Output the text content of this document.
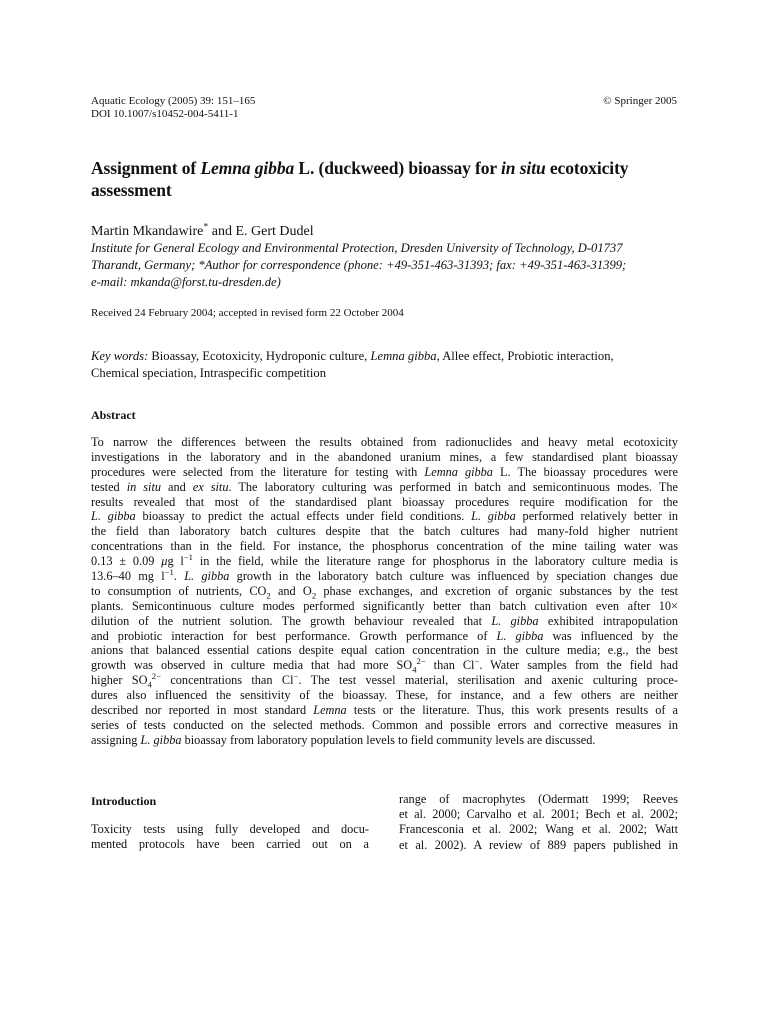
Aquatic Ecology (2005) 39: 151–165
DOI 10.1007/s10452-004-5411-1
© Springer 2005
Assignment of Lemna gibba L. (duckweed) bioassay for in situ ecotoxicity
assessment
Martin Mkandawire* and E. Gert Dudel
Institute for General Ecology and Environmental Protection, Dresden University of Technology, D-01737
Tharandt, Germany; *Author for correspondence (phone: +49-351-463-31393; fax: +49-351-463-31399;
e-mail: mkanda@forst.tu-dresden.de)
Received 24 February 2004; accepted in revised form 22 October 2004
Key words: Bioassay, Ecotoxicity, Hydroponic culture, Lemna gibba, Allee effect, Probiotic interaction,
Chemical speciation, Intraspecific competition
Abstract
To narrow the differences between the results obtained from radionuclides and heavy metal ecotoxicity
investigations in the laboratory and in the abandoned uranium mines, a few standardised plant bioassay
procedures were selected from the literature for testing with Lemna gibba L. The bioassay procedures were
tested in situ and ex situ. The laboratory culturing was performed in batch and semicontinuous modes. The
results revealed that most of the standardised plant bioassay procedures require modification for the
L. gibba bioassay to predict the actual effects under field conditions. L. gibba performed relatively better in
the field than laboratory batch cultures despite that the batch cultures had many-fold higher nutrient
concentrations than in the field. For instance, the phosphorus concentration of the mine tailing water was
0.13 ± 0.09 μg $l^{-1}$ in the field, while the literature range for phosphorus in the laboratory culture media is
13.6–40 mg $l^{-1}$. L. gibba growth in the laboratory batch culture was influenced by speciation changes due
to consumption of nutrients, $CO_2$ and $O_2$ phase exchanges, and excretion of organic substances by the test
plants. Semicontinuous culture modes performed significantly better than batch cultivation even after 10×
dilution of the nutrient solution. The growth behaviour revealed that L. gibba exhibited intrapopulation
and probiotic interaction for best performance. Growth performance of L. gibba was influenced by the
anions that balanced essential cations despite equal cation concentration in the culture media; e.g., the best
growth was observed in culture media that had more $SO_4^{2-}$ than Cl−. Water samples from the field had
higher $SO_4^{2-}$ concentrations than Cl−. The test vessel material, sterilisation and axenic culturing proce-
dures also influenced the sensitivity of the bioassay. These, for instance, and a few others are neither
described nor reported in most standard Lemna tests or the literature. Thus, this work presents results of a
series of tests conducted on the selected methods. Common and possible errors and corrective measures in
assigning L. gibba bioassay from laboratory population levels to field community levels are discussed.
Introduction
Toxicity tests using fully developed and docu-
mented protocols have been carried out on a
range of macrophytes (Odermatt 1999; Reeves
et al. 2000; Carvalho et al. 2001; Bech et al. 2002;
Francesconia et al. 2002; Wang et al. 2002; Watt
et al. 2002). A review of 889 papers published in
